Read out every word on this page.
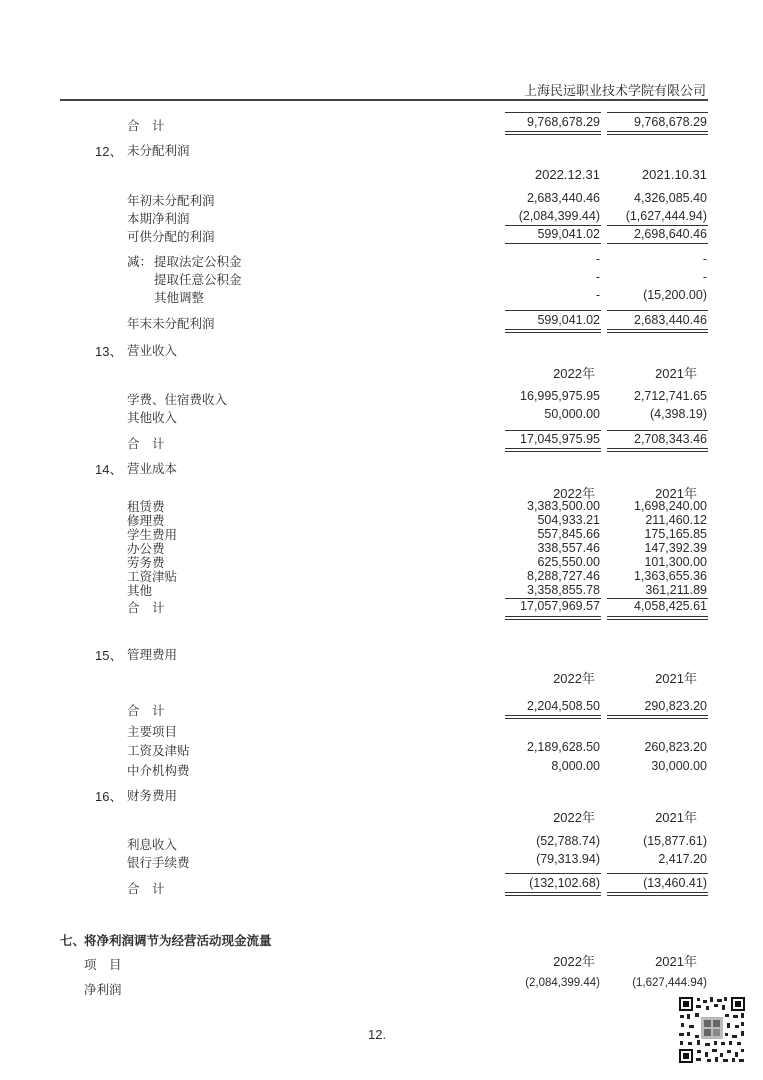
上海民远职业技术学院有限公司
合　计	9,768,678.29	9,768,678.29
12、 未分配利润
2022.12.31	2021.10.31
年初未分配利润	2,683,440.46	4,326,085.40
本期净利润	(2,084,399.44)	(1,627,444.94)
可供分配的利润	599,041.02	2,698,640.46
减： 提取法定公积金	-	-
提取任意公积金	-	-
其他调整	-	(15,200.00)
年末未分配利润	599,041.02	2,683,440.46
13、 营业收入
2022年	2021年
学费、住宿费收入	16,995,975.95	2,712,741.65
其他收入	50,000.00	(4,398.19)
合　计	17,045,975.95	2,708,343.46
14、 营业成本
2022年	2021年
租赁费	3,383,500.00	1,698,240.00
修理费	504,933.21	211,460.12
学生费用	557,845.66	175,165.85
办公费	338,557.46	147,392.39
劳务费	625,550.00	101,300.00
工资津贴	8,288,727.46	1,363,655.36
其他	3,358,855.78	361,211.89
合　计	17,057,969.57	4,058,425.61
15、 管理费用
2022年	2021年
合　计	2,204,508.50	290,823.20
主要项目
工资及津贴	2,189,628.50	260,823.20
中介机构费	8,000.00	30,000.00
16、 财务费用
2022年	2021年
利息收入	(52,788.74)	(15,877.61)
银行手续费	(79,313.94)	2,417.20
合　计	(132,102.68)	(13,460.41)
七、
将净利润调节为经营活动现金流量
项　目	2022年	2021年
净利润	(2,084,399.44)	(1,627,444.94)
12.
